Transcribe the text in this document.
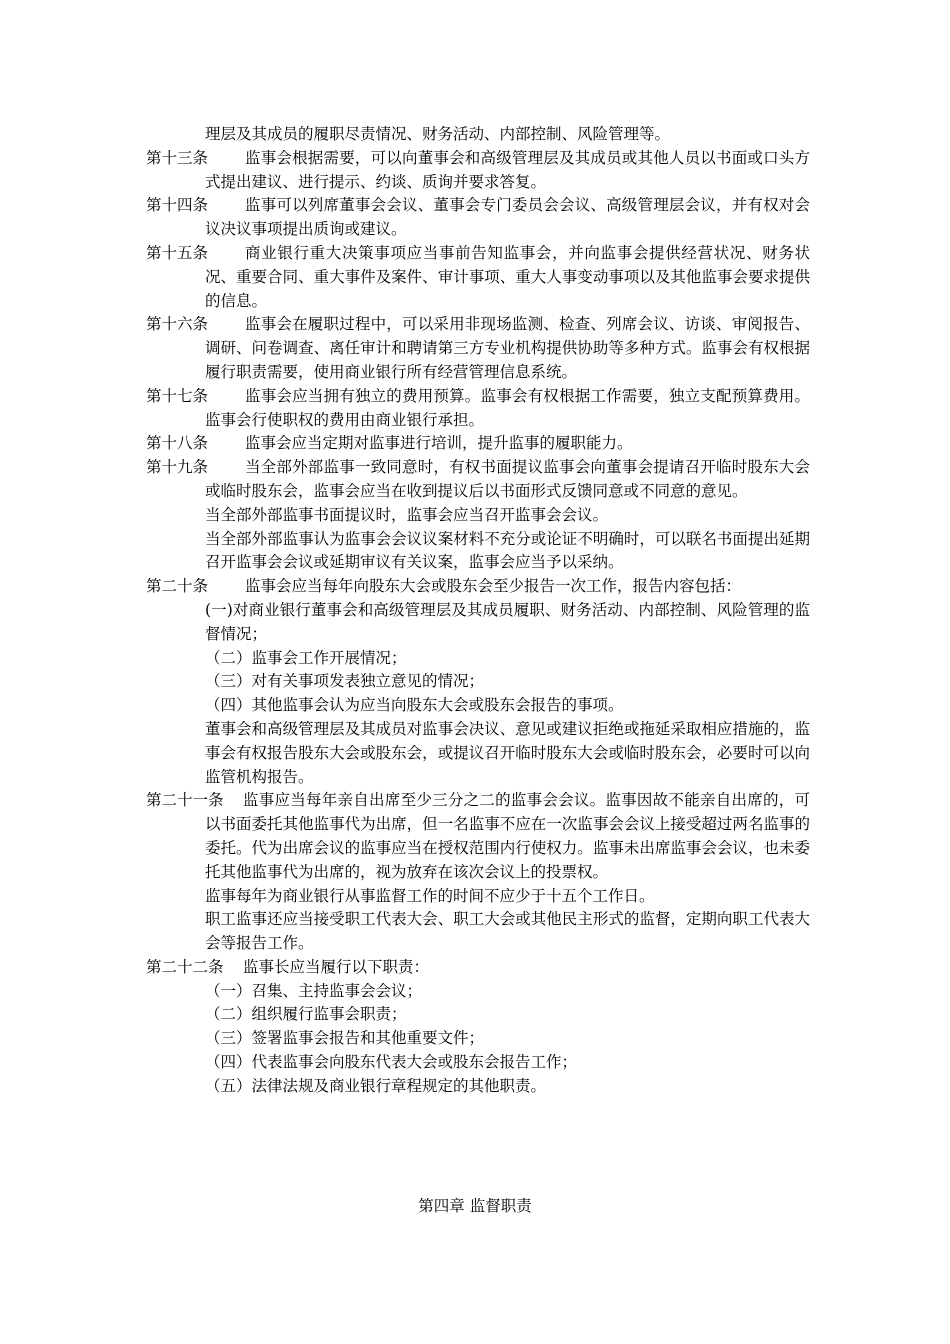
理层及其成员的履职尽责情况、财务活动、内部控制、风险管理等。
第十三条	监事会根据需要，可以向董事会和高级管理层及其成员或其他人员以书面或口头方式提出建议、进行提示、约谈、质询并要求答复。
第十四条	监事可以列席董事会会议、董事会专门委员会会议、高级管理层会议，并有权对会议决议事项提出质询或建议。
第十五条	商业银行重大决策事项应当事前告知监事会，并向监事会提供经营状况、财务状况、重要合同、重大事件及案件、审计事项、重大人事变动事项以及其他监事会要求提供的信息。
第十六条	监事会在履职过程中，可以采用非现场监测、检查、列席会议、访谈、审阅报告、调研、问卷调查、离任审计和聘请第三方专业机构提供协助等多种方式。监事会有权根据履行职责需要，使用商业银行所有经营管理信息系统。
第十七条	监事会应当拥有独立的费用预算。监事会有权根据工作需要，独立支配预算费用。监事会行使职权的费用由商业银行承担。
第十八条	监事会应当定期对监事进行培训，提升监事的履职能力。
第十九条	当全部外部监事一致同意时，有权书面提议监事会向董事会提请召开临时股东大会或临时股东会，监事会应当在收到提议后以书面形式反馈同意或不同意的意见。
当全部外部监事书面提议时，监事会应当召开监事会会议。
当全部外部监事认为监事会会议议案材料不充分或论证不明确时，可以联名书面提出延期召开监事会会议或延期审议有关议案，监事会应当予以采纳。
第二十条	监事会应当每年向股东大会或股东会至少报告一次工作，报告内容包括：
(一)对商业银行董事会和高级管理层及其成员履职、财务活动、内部控制、风险管理的监督情况；
（二）监事会工作开展情况；
（三）对有关事项发表独立意见的情况；
（四）其他监事会认为应当向股东大会或股东会报告的事项。
董事会和高级管理层及其成员对监事会决议、意见或建议拒绝或拖延采取相应措施的，监事会有权报告股东大会或股东会，或提议召开临时股东大会或临时股东会，必要时可以向监管机构报告。
第二十一条	监事应当每年亲自出席至少三分之二的监事会会议。监事因故不能亲自出席的，可以书面委托其他监事代为出席，但一名监事不应在一次监事会会议上接受超过两名监事的委托。代为出席会议的监事应当在授权范围内行使权力。监事未出席监事会会议，也未委托其他监事代为出席的，视为放弃在该次会议上的投票权。
监事每年为商业银行从事监督工作的时间不应少于十五个工作日。
职工监事还应当接受职工代表大会、职工大会或其他民主形式的监督，定期向职工代表大会等报告工作。
第二十二条	监事长应当履行以下职责：
（一）召集、主持监事会会议；
（二）组织履行监事会职责；
（三）签署监事会报告和其他重要文件；
（四）代表监事会向股东代表大会或股东会报告工作；
（五）法律法规及商业银行章程规定的其他职责。
第四章 监督职责
